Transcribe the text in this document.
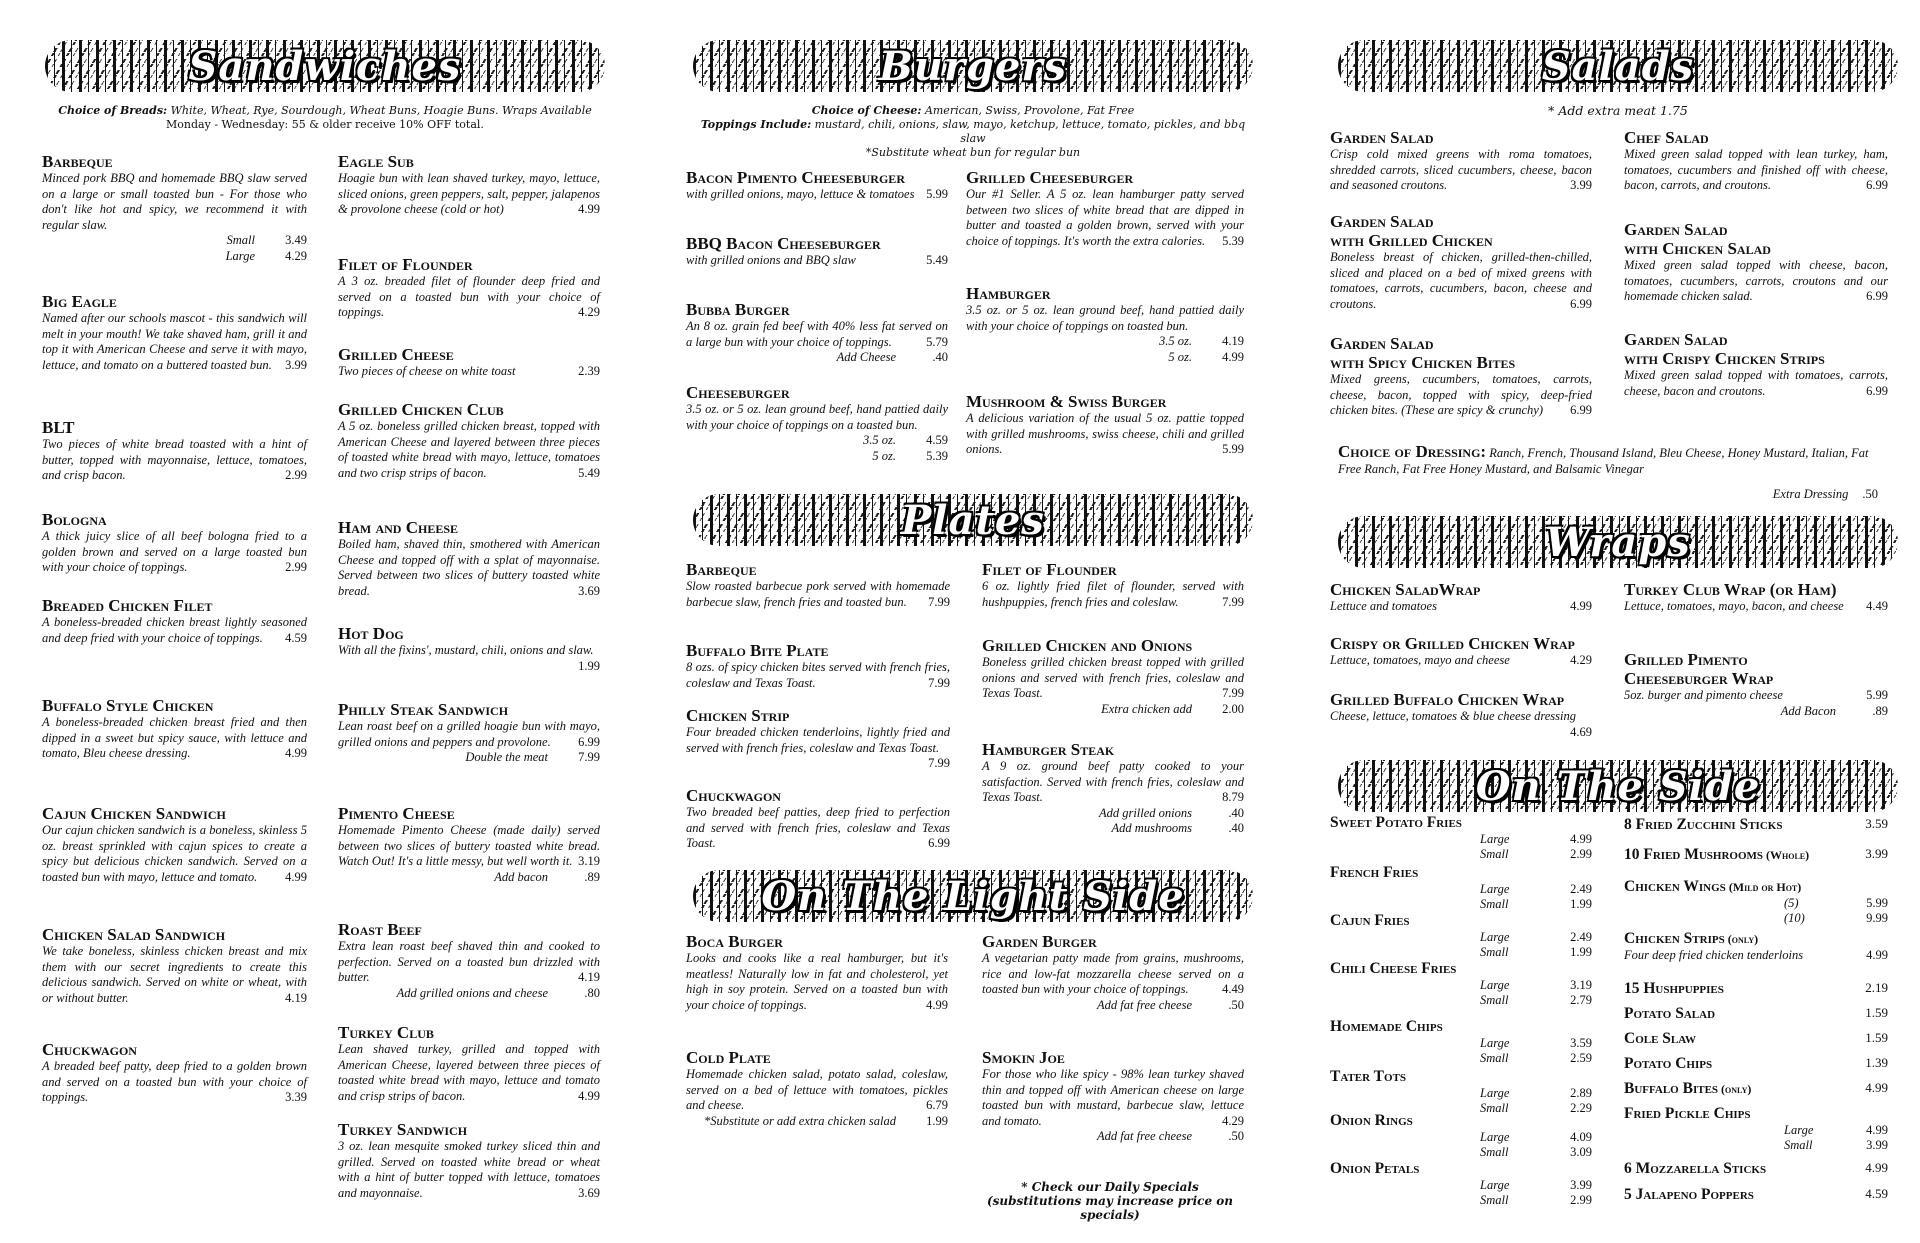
Sandwiches	Burgers	Salads
Plates
On The Light Side
Wraps
On The Side
Choice of Breads: White, Wheat, Rye, Sourdough, Wheat Buns, Hoagie Buns. Wraps Available
Monday - Wednesday: 55 & older receive 10% OFF total.
Choice of Cheese: American, Swiss, Provolone, Fat Free
Toppings Include: mustard, chili, onions, slaw, mayo, ketchup, lettuce, tomato, pickles, and bbq slaw
*Substitute wheat bun for regular bun
* Add extra meat 1.75
Barbeque
Minced pork BBQ and homemade BBQ slaw served on a large or small toasted bun - For those who don't like hot and spicy, we recommend it with regular slaw.
Small	3.49
Large	4.29
Big Eagle
Named after our schools mascot - this sandwich will melt in your mouth! We take shaved ham, grill it and top it with American Cheese and serve it with mayo, lettuce, and tomato on a buttered toasted bun. 3.99
BLT
Two pieces of white bread toasted with a hint of butter, topped with mayonnaise, lettuce, tomatoes, and crisp bacon.	2.99
Bologna
A thick juicy slice of all beef bologna fried to a golden brown and served on a large toasted bun with your choice of toppings.	2.99
Breaded Chicken Filet
A boneless-breaded chicken breast lightly seasoned and deep fried with your choice of toppings. 4.59
Buffalo Style Chicken
A boneless-breaded chicken breast fried and then dipped in a sweet but spicy sauce, with lettuce and tomato, Bleu cheese dressing.	4.99
Cajun Chicken Sandwich
Our cajun chicken sandwich is a boneless, skinless 5 oz. breast sprinkled with cajun spices to create a spicy but delicious chicken sandwich. Served on a toasted bun with mayo, lettuce and tomato. 4.99
Chicken Salad Sandwich
We take boneless, skinless chicken breast and mix them with our secret ingredients to create this delicious sandwich. Served on white or wheat, with or without butter.	4.19
Chuckwagon
A breaded beef patty, deep fried to a golden brown and served on a toasted bun with your choice of toppings.	3.39
Eagle Sub
Hoagie bun with lean shaved turkey, mayo, lettuce, sliced onions, green peppers, salt, pepper, jalapenos & provolone cheese (cold or hot)	4.99
Filet of Flounder
A 3 oz. breaded filet of flounder deep fried and served on a toasted bun with your choice of toppings.	4.29
Grilled Cheese
Two pieces of cheese on white toast	2.39
Grilled Chicken Club
A 5 oz. boneless grilled chicken breast, topped with American Cheese and layered between three pieces of toasted white bread with mayo, lettuce, tomatoes and two crisp strips of bacon.	5.49
Ham and Cheese
Boiled ham, shaved thin, smothered with American Cheese and topped off with a splat of mayonnaise. Served between two slices of buttery toasted white bread.	3.69
Hot Dog
With all the fixins', mustard, chili, onions and slaw.
1.99
Philly Steak Sandwich
Lean roast beef on a grilled hoagie bun with mayo, grilled onions and peppers and provolone. 6.99
Double the meat	7.99
Pimento Cheese
Homemade Pimento Cheese (made daily) served between two slices of buttery toasted white bread. Watch Out! It's a little messy, but well worth it. 3.19
Add bacon	.89
Roast Beef
Extra lean roast beef shaved thin and cooked to perfection. Served on a toasted bun drizzled with butter.	4.19
Add grilled onions and cheese	.80
Turkey Club
Lean shaved turkey, grilled and topped with American Cheese, layered between three pieces of toasted white bread with mayo, lettuce and tomato and crisp strips of bacon.	4.99
Turkey Sandwich
3 oz. lean mesquite smoked turkey sliced thin and grilled. Served on toasted white bread or wheat with a hint of butter topped with lettuce, tomatoes and mayonnaise.	3.69
Bacon Pimento Cheeseburger
with grilled onions, mayo, lettuce & tomatoes 5.99
BBQ Bacon Cheeseburger
with grilled onions and BBQ slaw	5.49
Bubba Burger
An 8 oz. grain fed beef with 40% less fat served on a large bun with your choice of toppings.	5.79
Add Cheese	.40
Cheeseburger
3.5 oz. or 5 oz. lean ground beef, hand pattied daily with your choice of toppings on a toasted bun.
3.5 oz.	4.59
5 oz.	5.39
Grilled Cheeseburger
Our #1 Seller. A 5 oz. lean hamburger patty served between two slices of white bread that are dipped in butter and toasted a golden brown, served with your choice of toppings. It's worth the extra calories. 5.39
Hamburger
3.5 oz. or 5 oz. lean ground beef, hand pattied daily with your choice of toppings on toasted bun.
3.5 oz.	4.19
5 oz.	4.99
Mushroom & Swiss Burger
A delicious variation of the usual 5 oz. pattie topped with grilled mushrooms, swiss cheese, chili and grilled onions.	5.99
Barbeque
Slow roasted barbecue pork served with homemade barbecue slaw, french fries and toasted bun. 7.99
Buffalo Bite Plate
8 ozs. of spicy chicken bites served with french fries, coleslaw and Texas Toast.	7.99
Chicken Strip
Four breaded chicken tenderloins, lightly fried and served with french fries, coleslaw and Texas Toast.
7.99
Chuckwagon
Two breaded beef patties, deep fried to perfection and served with french fries, coleslaw and Texas Toast.	6.99
Filet of Flounder
6 oz. lightly fried filet of flounder, served with hushpuppies, french fries and coleslaw.	7.99
Grilled Chicken and Onions
Boneless grilled chicken breast topped with grilled onions and served with french fries, coleslaw and Texas Toast.	7.99
Extra chicken add	2.00
Hamburger Steak
A 9 oz. ground beef patty cooked to your satisfaction. Served with french fries, coleslaw and Texas Toast.	8.79
Add grilled onions	.40
Add mushrooms	.40
Boca Burger
Looks and cooks like a real hamburger, but it's meatless! Naturally low in fat and cholesterol, yet high in soy protein. Served on a toasted bun with your choice of toppings.	4.99
Cold Plate
Homemade chicken salad, potato salad, coleslaw, served on a bed of lettuce with tomatoes, pickles and cheese.	6.79
*Substitute or add extra chicken salad	1.99
Garden Burger
A vegetarian patty made from grains, mushrooms, rice and low-fat mozzarella cheese served on a toasted bun with your choice of toppings.	4.49
Add fat free cheese	.50
Smokin Joe
For those who like spicy - 98% lean turkey shaved thin and topped off with American cheese on large toasted bun with mustard, barbecue slaw, lettuce and tomato.	4.29
Add fat free cheese	.50
Garden Salad
Crisp cold mixed greens with roma tomatoes, shredded carrots, sliced cucumbers, cheese, bacon and seasoned croutons.	3.99
Garden Salad
with Grilled Chicken
Boneless breast of chicken, grilled-then-chilled, sliced and placed on a bed of mixed greens with tomatoes, carrots, cucumbers, bacon, cheese and croutons.	6.99
Garden Salad
with Spicy Chicken Bites
Mixed greens, cucumbers, tomatoes, carrots, cheese, bacon, topped with spicy, deep-fried chicken bites. (These are spicy & crunchy) 6.99
Chef Salad
Mixed green salad topped with lean turkey, ham, tomatoes, cucumbers and finished off with cheese, bacon, carrots, and croutons.	6.99
Garden Salad
with Chicken Salad
Mixed green salad topped with cheese, bacon, tomatoes, cucumbers, carrots, croutons and our homemade chicken salad.	6.99
Garden Salad
with Crispy Chicken Strips
Mixed green salad topped with tomatoes, carrots, cheese, bacon and croutons.	6.99
Chicken SaladWrap
Lettuce and tomatoes	4.99
Crispy or Grilled Chicken Wrap
Lettuce, tomatoes, mayo and cheese	4.29
Grilled Buffalo Chicken Wrap
Cheese, lettuce, tomatoes & blue cheese dressing
4.69
Turkey Club Wrap (or Ham)
Lettuce, tomatoes, mayo, bacon, and cheese 4.49
Grilled Pimento
Cheeseburger Wrap
5oz. burger and pimento cheese	5.99
Add Bacon	.89
Sweet Potato Fries
Large	4.99
Small	2.99
French Fries
Large	2.49
Small	1.99
Cajun Fries
Large	2.49
Small	1.99
Chili Cheese Fries
Large	3.19
Small	2.79
Homemade Chips
Large	3.59
Small	2.59
Tater Tots
Large	2.89
Small	2.29
Onion Rings
Large	4.09
Small	3.09
Onion Petals
Large	3.99
Small	2.99
8 Fried Zucchini Sticks	3.59
10 Fried Mushrooms (Whole)	3.99
Chicken Wings (Mild or Hot)
(5)	5.99
(10)	9.99
Chicken Strips (only)
Four deep fried chicken tenderloins	4.99
15 Hushpuppies	2.19
Potato Salad	1.59
Cole Slaw	1.59
Potato Chips	1.39
Buffalo Bites (only)	4.99
Fried Pickle Chips
Large	4.99
Small	3.99
6 Mozzarella Sticks	4.99
5 Jalapeno Poppers	4.59
Choice of Dressing: Ranch, French, Thousand Island, Bleu Cheese, Honey Mustard, Italian, Fat Free Ranch, Fat Free Honey Mustard, and Balsamic Vinegar
Extra Dressing .50
* Check our Daily Specials
(substitutions may increase price on specials)
